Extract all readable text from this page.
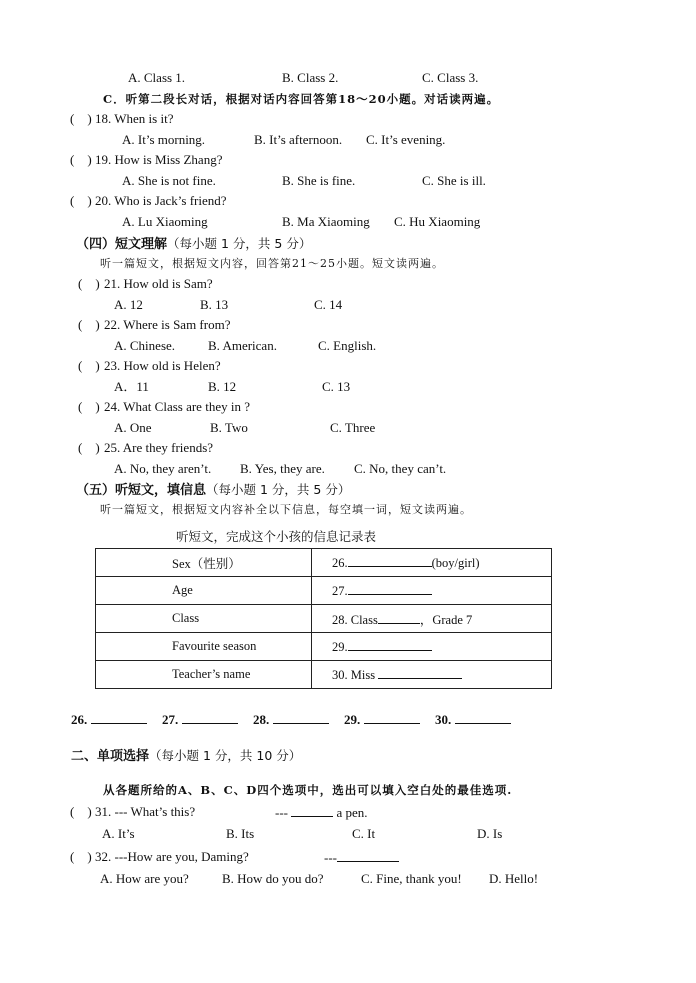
A. Class 1.	B. Class 2.	C. Class 3.
C．听第二段长对话，根据对话内容回答第18～20小题。对话读两遍。
(　) 18. When is it?
A. It’s morning.	B. It’s afternoon. C. It’s evening.
(　) 19. How is Miss Zhang?
A. She is not fine.	B. She is fine.	C. She is ill.
(　) 20. Who is Jack’s friend?
A. Lu Xiaoming	B. Ma Xiaoming C. Hu Xiaoming
（四）短文理解（每小题 1 分，共 5 分）
听一篇短文，根据短文内容，回答第21～25小题。短文读两遍。
(　) 21. How old is Sam?
A. 12	B. 13	C. 14
(　) 22. Where is Sam from?
A. Chinese.	B. American.	C. English.
(　) 23. How old is Helen?
A．11	B. 12	C. 13
(　) 24. What Class are they in ?
A. One	B. Two	C. Three
(　) 25. Are they friends?
A. No, they aren’t. B. Yes, they are. C. No, they can’t.
（五）听短文，填信息（每小题 1 分，共 5 分）
听一篇短文，根据短文内容补全以下信息，每空填一词，短文读两遍。
听短文，完成这个小孩的信息记录表
Sex（性别）	26. (boy/girl)
Age	27.
Class	28. Class ，Grade 7
Favourite season	29.
Teacher’s name	30. Miss
26.	27.	28.	29.	30.
二、单项选择（每小题 1 分，共 10 分）
从各题所给的A、B、C、D四个选项中，选出可以填入空白处的最佳选项.
(　) 31. --- What’s this?	---	a pen.
A. It’s	B. Its	C. It	D. Is
(　) 32. ---How are you, Daming?	---
A. How are you?	B. How do you do?	C. Fine, thank you! D. Hello!
